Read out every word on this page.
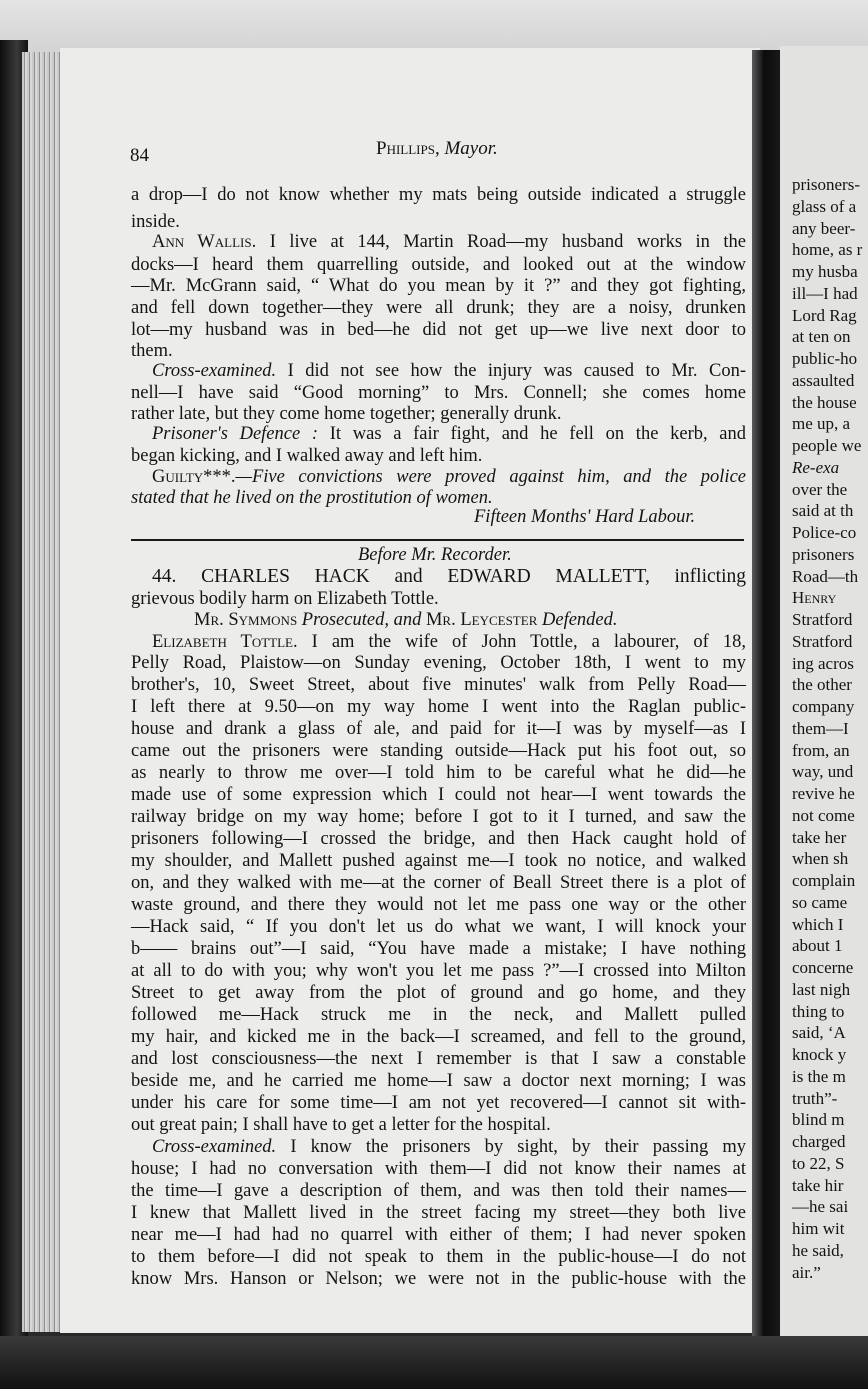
84	Phillips, Mayor.
a drop—I do not know whether my mats being outside indicated a struggle
inside.
Ann Wallis. I live at 144, Martin Road—my husband works in the
docks—I heard them quarrelling outside, and looked out at the window
—Mr. McGrann said, “ What do you mean by it ?” and they got fighting,
and fell down together—they were all drunk; they are a noisy, drunken
lot—my husband was in bed—he did not get up—we live next door to
them.
Cross-examined. I did not see how the injury was caused to Mr. Con-
nell—I have said “Good morning” to Mrs. Connell; she comes home
rather late, but they come home together; generally drunk.
Prisoner's Defence : It was a fair fight, and he fell on the kerb, and
began kicking, and I walked away and left him.
Guilty***.—Five convictions were proved against him, and the police
stated that he lived on the prostitution of women.
Fifteen Months' Hard Labour.
Before Mr. Recorder.
44. CHARLES HACK and EDWARD MALLETT, inflicting
grievous bodily harm on Elizabeth Tottle.
Mr. Symmons Prosecuted, and Mr. Leycester Defended.
Elizabeth Tottle. I am the wife of John Tottle, a labourer, of 18,
Pelly Road, Plaistow—on Sunday evening, October 18th, I went to my
brother's, 10, Sweet Street, about five minutes' walk from Pelly Road—
I left there at 9.50—on my way home I went into the Raglan public-
house and drank a glass of ale, and paid for it—I was by myself—as I
came out the prisoners were standing outside—Hack put his foot out, so
as nearly to throw me over—I told him to be careful what he did—he
made use of some expression which I could not hear—I went towards the
railway bridge on my way home; before I got to it I turned, and saw the
prisoners following—I crossed the bridge, and then Hack caught hold of
my shoulder, and Mallett pushed against me—I took no notice, and walked
on, and they walked with me—at the corner of Beall Street there is a plot of
waste ground, and there they would not let me pass one way or the other
—Hack said, “ If you don't let us do what we want, I will knock your
b—— brains out”—I said, “You have made a mistake; I have nothing
at all to do with you; why won't you let me pass ?”—I crossed into Milton
Street to get away from the plot of ground and go home, and they
followed me—Hack struck me in the neck, and Mallett pulled
my hair, and kicked me in the back—I screamed, and fell to the ground,
and lost consciousness—the next I remember is that I saw a constable
beside me, and he carried me home—I saw a doctor next morning; I was
under his care for some time—I am not yet recovered—I cannot sit with-
out great pain; I shall have to get a letter for the hospital.
Cross-examined. I know the prisoners by sight, by their passing my
house; I had no conversation with them—I did not know their names at
the time—I gave a description of them, and was then told their names—
I knew that Mallett lived in the street facing my street—they both live
near me—I had had no quarrel with either of them; I had never spoken
to them before—I did not speak to them in the public-house—I do not
know Mrs. Hanson or Nelson; we were not in the public-house with the
prisoners-
glass of a
any beer-
home, as r
my husba
ill—I had
Lord Rag
at ten on
public-ho
assaulted
the house
me up, a
people we
Re-exa
over the
said at th
Police-co
prisoners
Road—th
Henry
Stratford
Stratford
ing acros
the other
company
them—I
from, an
way, und
revive he
not come
take her
when sh
complain
so came
which I
about 1
concerne
last nigh
thing to
said, ‘A
knock y
is the m
truth”-
blind m
charged
to 22, S
take hir
—he sai
him wit
he said,
air.”
